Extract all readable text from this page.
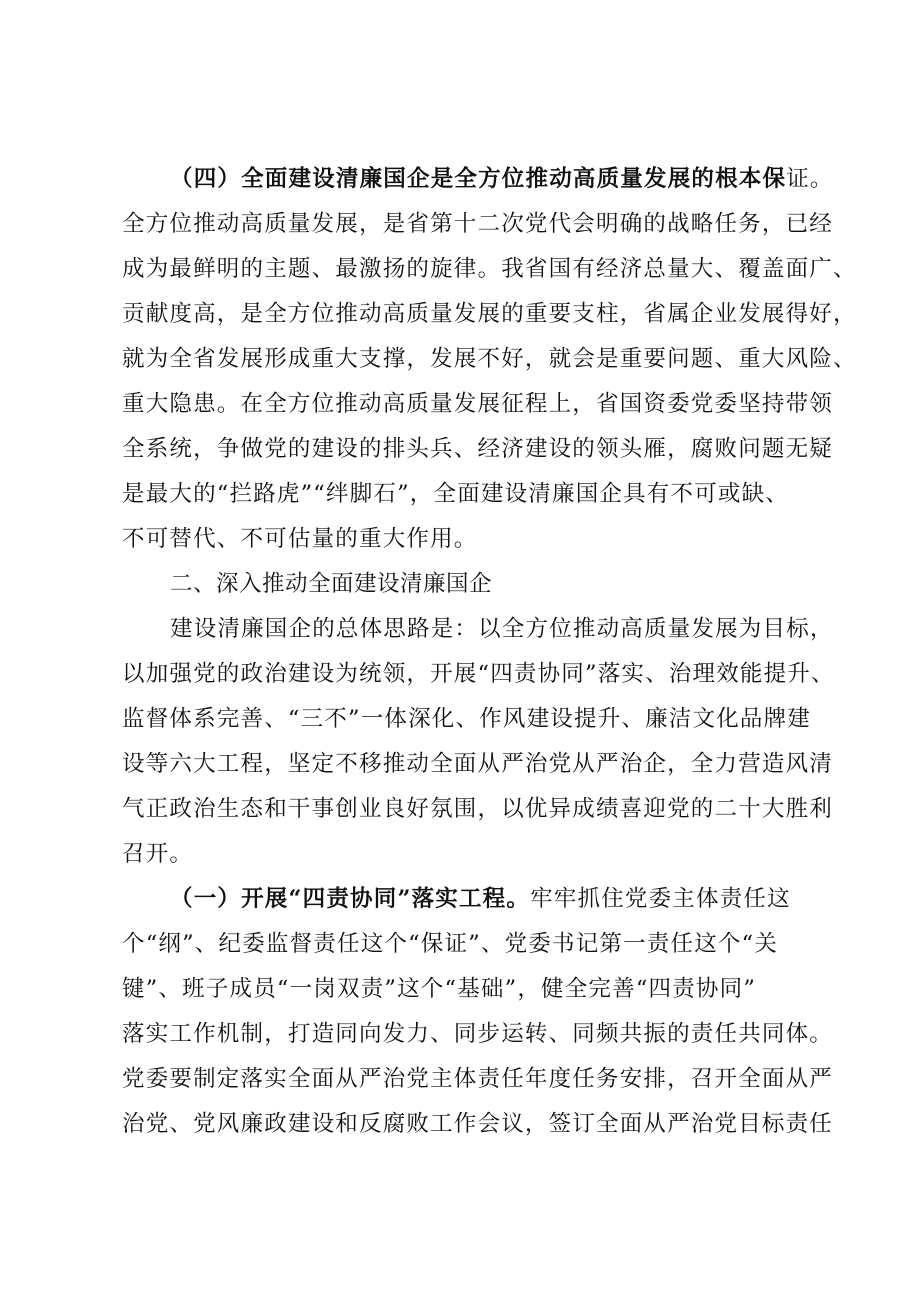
（四）全面建设清廉国企是全方位推动高质量发展的根本保证。
全方位推动高质量发展，是省第十二次党代会明确的战略任务，已经
成为最鲜明的主题、最激扬的旋律。我省国有经济总量大、覆盖面广、
贡献度高，是全方位推动高质量发展的重要支柱，省属企业发展得好，
就为全省发展形成重大支撑，发展不好，就会是重要问题、重大风险、
重大隐患。在全方位推动高质量发展征程上，省国资委党委坚持带领
全系统，争做党的建设的排头兵、经济建设的领头雁，腐败问题无疑
是最大的“拦路虎”“绊脚石”，全面建设清廉国企具有不可或缺、
不可替代、不可估量的重大作用。
二、深入推动全面建设清廉国企
建设清廉国企的总体思路是：以全方位推动高质量发展为目标，
以加强党的政治建设为统领，开展“四责协同”落实、治理效能提升、
监督体系完善、“三不”一体深化、作风建设提升、廉洁文化品牌建
设等六大工程，坚定不移推动全面从严治党从严治企，全力营造风清
气正政治生态和干事创业良好氛围，以优异成绩喜迎党的二十大胜利
召开。
（一）开展“四责协同”落实工程。牢牢抓住党委主体责任这
个“纲”、纪委监督责任这个“保证”、党委书记第一责任这个“关
键”、班子成员“一岗双责”这个“基础”，健全完善“四责协同”
落实工作机制，打造同向发力、同步运转、同频共振的责任共同体。
党委要制定落实全面从严治党主体责任年度任务安排，召开全面从严
治党、党风廉政建设和反腐败工作会议，签订全面从严治党目标责任
